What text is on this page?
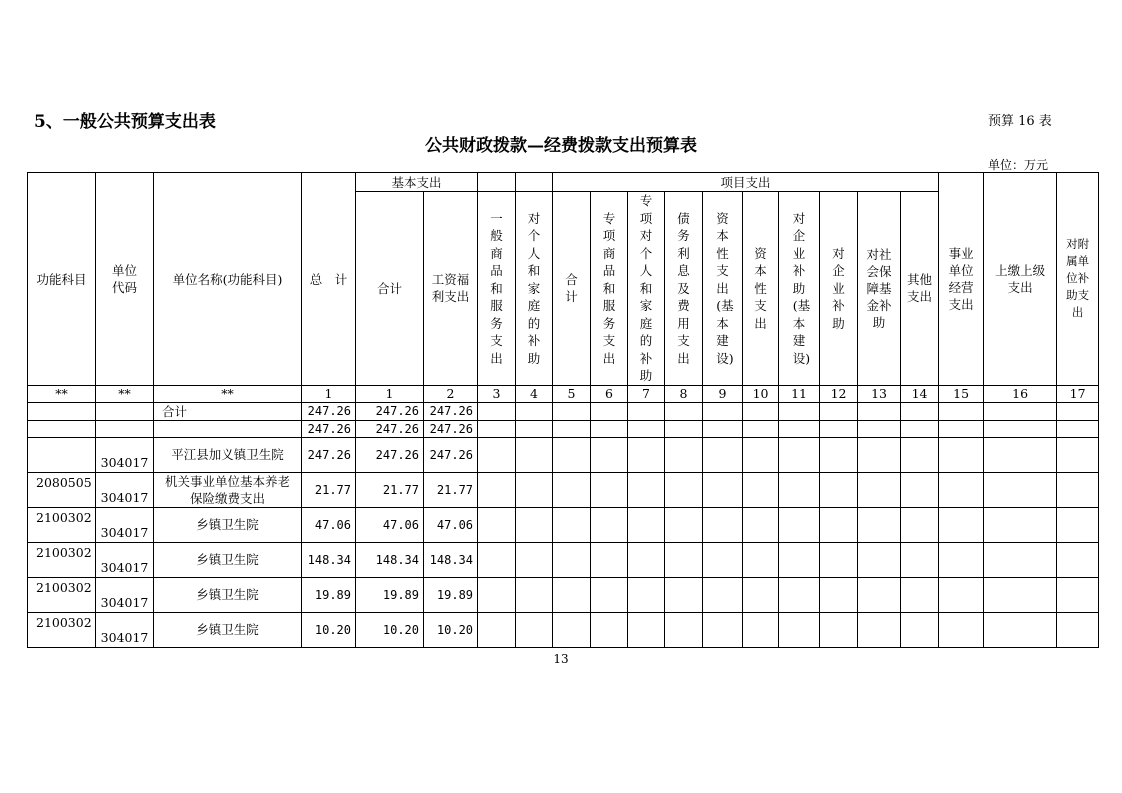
5、一般公共预算支出表	预算 16 表
公共财政拨款—经费拨款支出预算表
单位：万元
功能科目	单位代码	单位名称(功能科目)	总　计	基本支出				项目支出										事业单位经营支出	上缴上级支出	对附属单位补助支出

				合计	工资福利支出	一般商品和服务支出	对个人和家庭的补助	合计	专项商品和服务支出	专项对个人和家庭的补助	债务利息及费用支出	资本性支出(基本建设)	资本性支出	对企业补助(基本建设)	对企业补助	对社会保障基金补助	其他支出			

**	**	**	1	1	2	3	4	5	6	7	8	9	10	11	12	13	14	15	16	17
		合计	247.26	247.26	247.26															
			247.26	247.26	247.26															
	304017	平江县加义镇卫生院	247.26	247.26	247.26															
2080505	304017	机关事业单位基本养老保险缴费支出	21.77	21.77	21.77															
2100302	304017	乡镇卫生院	47.06	47.06	47.06															
2100302	304017	乡镇卫生院	148.34	148.34	148.34															
2100302	304017	乡镇卫生院	19.89	19.89	19.89															
2100302	304017	乡镇卫生院	10.20	10.20	10.20															
13
